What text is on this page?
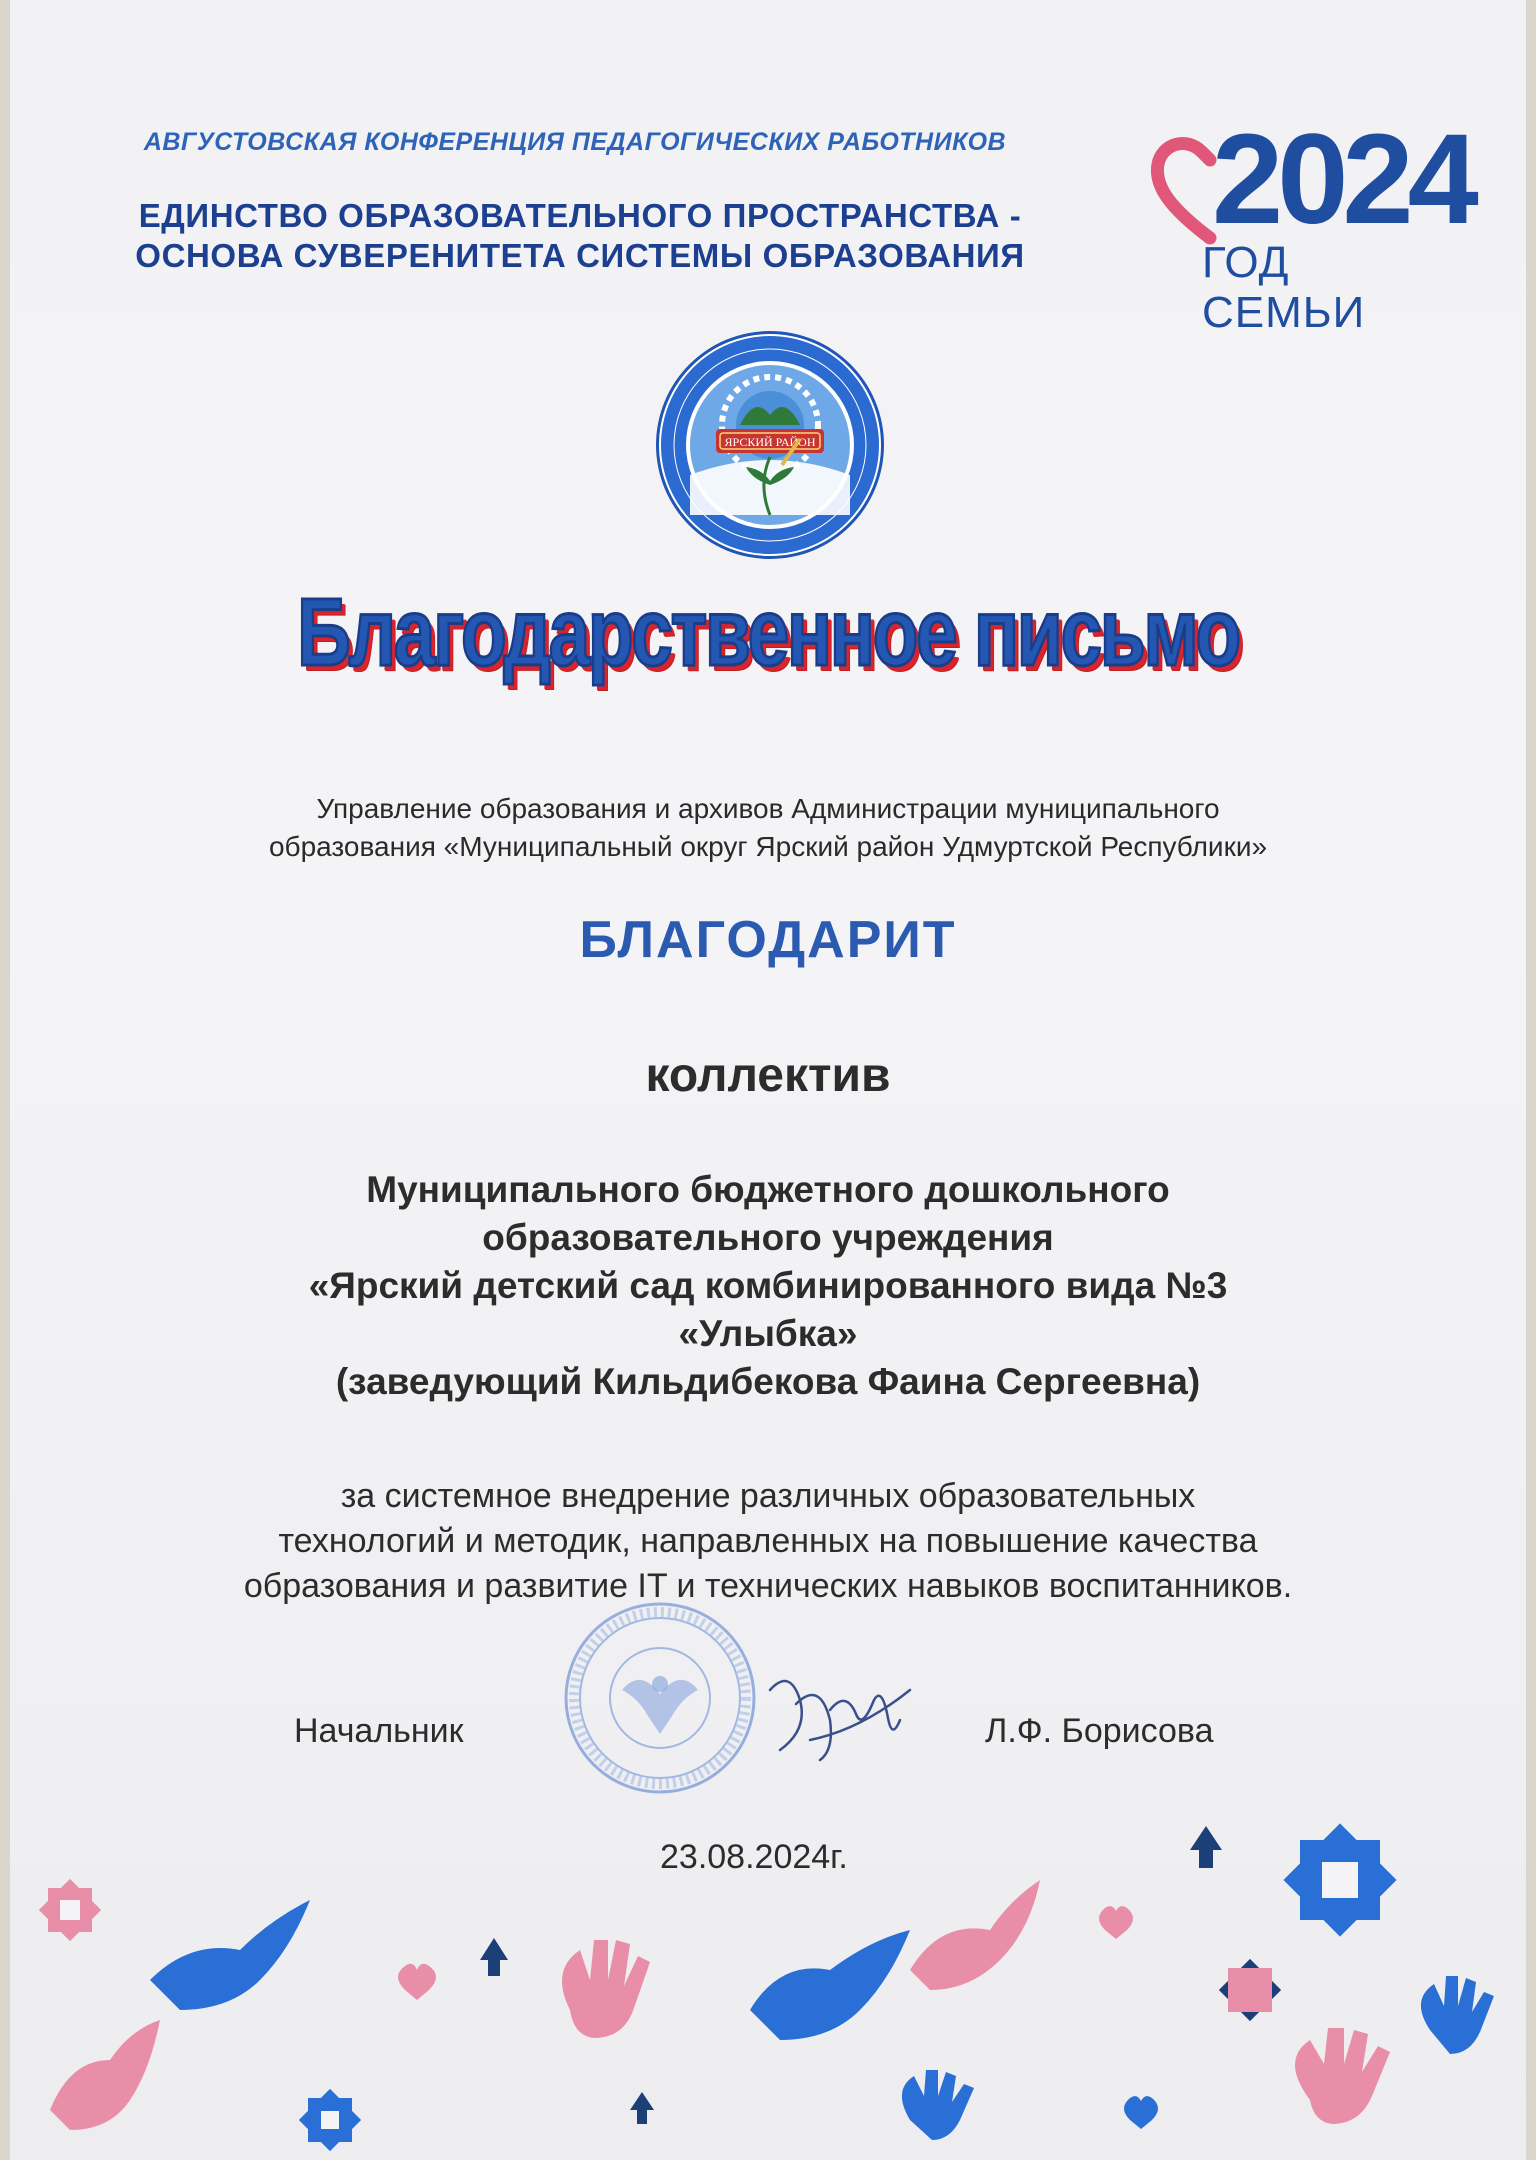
АВГУСТОВСКАЯ КОНФЕРЕНЦИЯ ПЕДАГОГИЧЕСКИХ РАБОТНИКОВ
ЕДИНСТВО ОБРАЗОВАТЕЛЬНОГО ПРОСТРАНСТВА -
ОСНОВА СУВЕРЕНИТЕТА СИСТЕМЫ ОБРАЗОВАНИЯ
2024
ГОД СЕМЬИ
ЯРСКИЙ РАЙОН
Благодарственное письмо
Управление образования и архивов Администрации муниципального
образования «Муниципальный округ Ярский район Удмуртской Республики»
БЛАГОДАРИТ
коллектив
Муниципального бюджетного дошкольного
образовательного учреждения
«Ярский детский сад комбинированного вида №3
«Улыбка»
(заведующий Кильдибекова Фаина Сергеевна)
за системное внедрение различных образовательных
технологий и методик, направленных на повышение качества
образования и развитие IT и технических навыков воспитанников.
Начальник	Л.Ф. Борисова
23.08.2024г.
